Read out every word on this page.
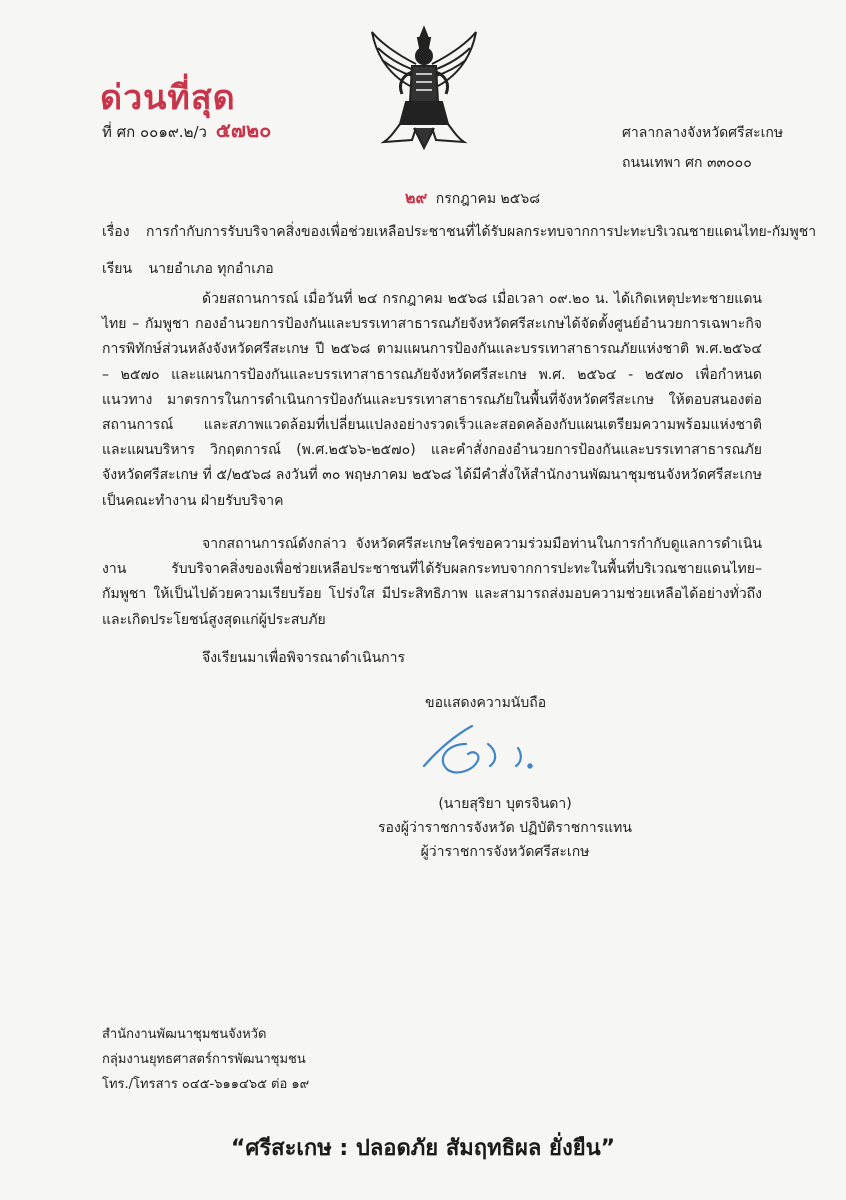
ด่วนที่สุด
ที่ ศก ๐๐๑๙.๒/ว ๕๗๒๐	ศาลากลางจังหวัดศรีสะเกษ
ถนนเทพา ศก ๓๓๐๐๐
๒๙ กรกฎาคม ๒๕๖๘
เรื่อง การกำกับการรับบริจาคสิ่งของเพื่อช่วยเหลือประชาชนที่ได้รับผลกระทบจากการปะทะบริเวณชายแดนไทย-กัมพูชา
เรียน นายอำเภอ ทุกอำเภอ
ด้วยสถานการณ์ เมื่อวันที่ ๒๔ กรกฎาคม ๒๕๖๘ เมื่อเวลา ๐๙.๒๐ น. ได้เกิดเหตุปะทะชายแดน ไทย – กัมพูชา กองอำนวยการป้องกันและบรรเทาสาธารณภัยจังหวัดศรีสะเกษได้จัดตั้งศูนย์อำนวยการเฉพาะกิจ การพิทักษ์ส่วนหลังจังหวัดศรีสะเกษ ปี ๒๕๖๘ ตามแผนการป้องกันและบรรเทาสาธารณภัยแห่งชาติ พ.ศ.๒๕๖๔ – ๒๕๗๐ และแผนการป้องกันและบรรเทาสาธารณภัยจังหวัดศรีสะเกษ พ.ศ. ๒๕๖๔ - ๒๕๗๐ เพื่อกำหนดแนวทาง มาตรการในการดำเนินการป้องกันและบรรเทาสาธารณภัยในพื้นที่จังหวัดศรีสะเกษ ให้ตอบสนองต่อสถานการณ์ และสภาพแวดล้อมที่เปลี่ยนแปลงอย่างรวดเร็วและสอดคล้องกับแผนเตรียมความพร้อมแห่งชาติ และแผนบริหาร วิกฤตการณ์ (พ.ศ.๒๕๖๖-๒๕๗๐) และคำสั่งกองอำนวยการป้องกันและบรรเทาสาธารณภัยจังหวัดศรีสะเกษ ที่ ๕/๒๕๖๘ ลงวันที่ ๓๐ พฤษภาคม ๒๕๖๘ ได้มีคำสั่งให้สำนักงานพัฒนาชุมชนจังหวัดศรีสะเกษเป็นคณะทำงาน ฝ่ายรับบริจาค
จากสถานการณ์ดังกล่าว จังหวัดศรีสะเกษใคร่ขอความร่วมมือท่านในการกำกับดูแลการดำเนินงาน รับบริจาคสิ่งของเพื่อช่วยเหลือประชาชนที่ได้รับผลกระทบจากการปะทะในพื้นที่บริเวณชายแดนไทย–กัมพูชา ให้เป็นไปด้วยความเรียบร้อย โปร่งใส มีประสิทธิภาพ และสามารถส่งมอบความช่วยเหลือได้อย่างทั่วถึง และเกิดประโยชน์สูงสุดแก่ผู้ประสบภัย
จึงเรียนมาเพื่อพิจารณาดำเนินการ
ขอแสดงความนับถือ
(นายสุริยา บุตรจินดา)
รองผู้ว่าราชการจังหวัด ปฏิบัติราชการแทน
ผู้ว่าราชการจังหวัดศรีสะเกษ
สำนักงานพัฒนาชุมชนจังหวัด
กลุ่มงานยุทธศาสตร์การพัฒนาชุมชน
โทร./โทรสาร ๐๔๕-๖๑๑๔๖๕ ต่อ ๑๙
“ศรีสะเกษ : ปลอดภัย สัมฤทธิผล ยั่งยืน”
